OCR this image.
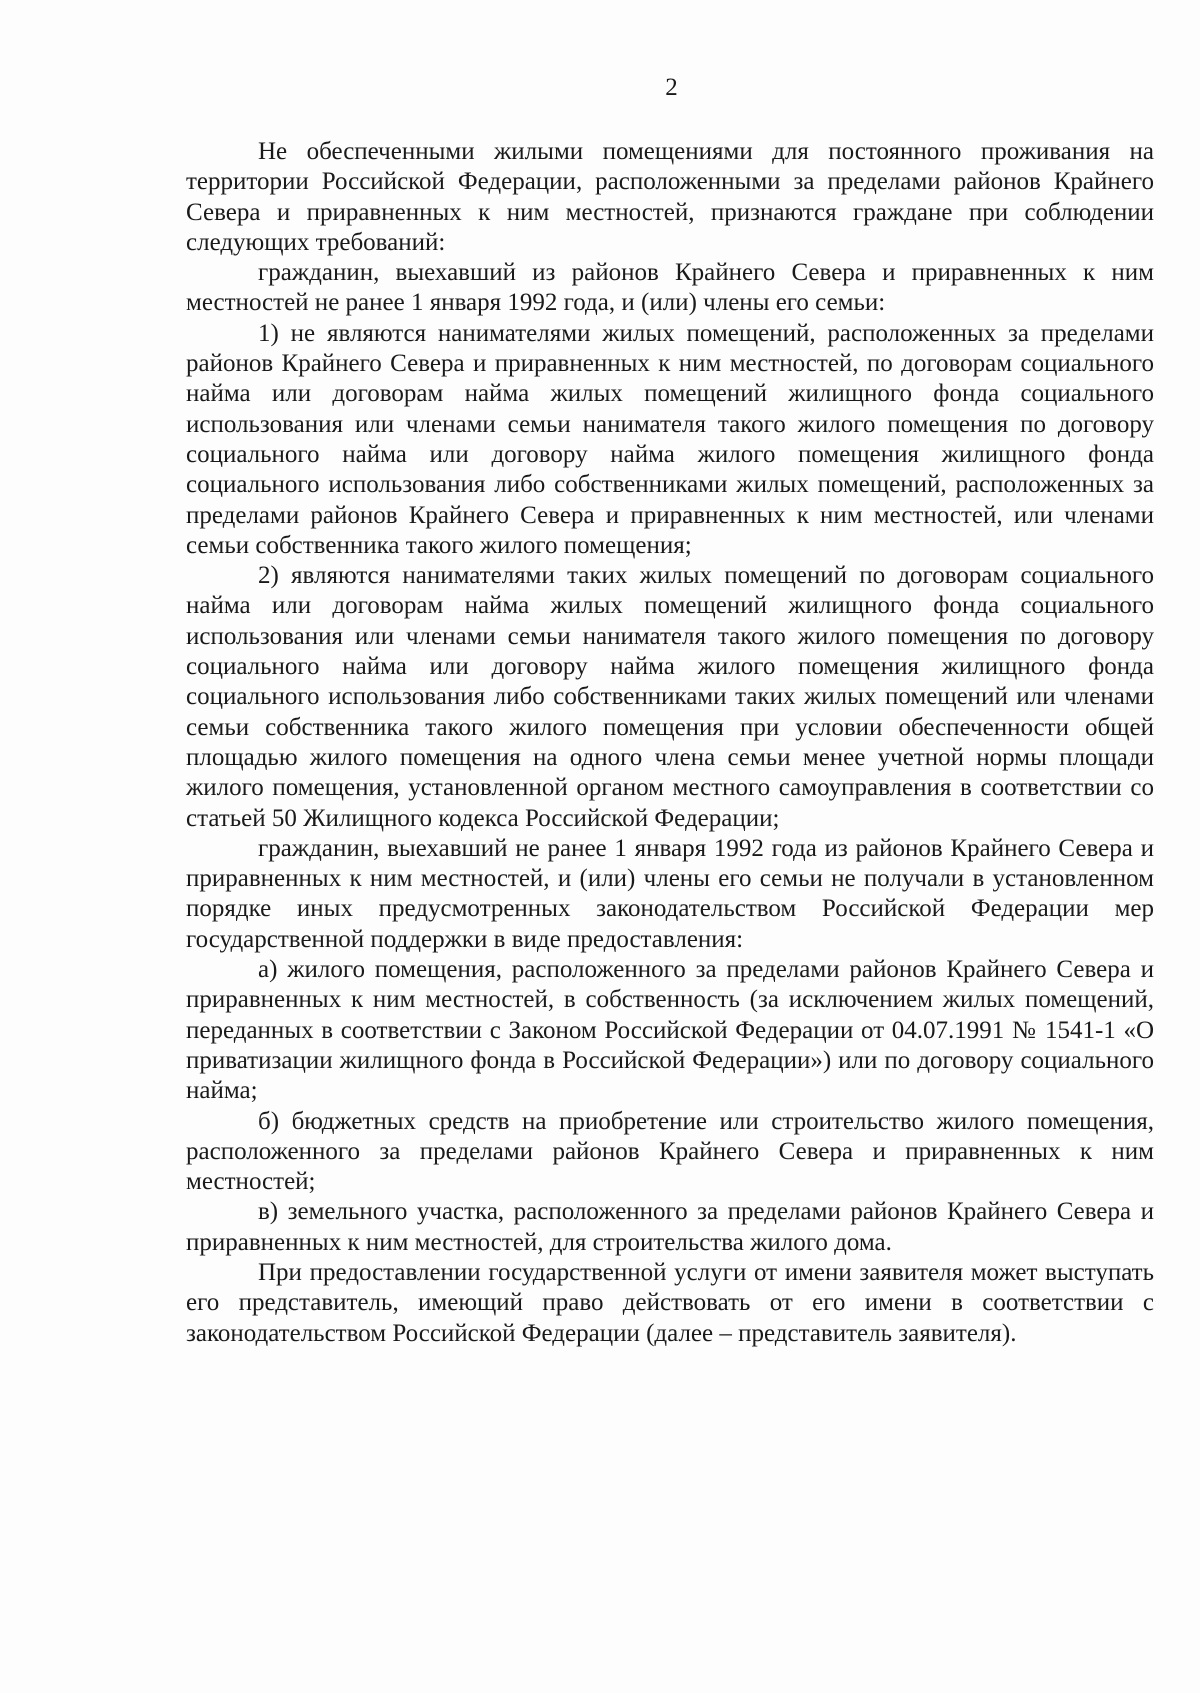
2

Не обеспеченными жилыми помещениями для постоянного проживания на территории Российской Федерации, расположенными за пределами районов Крайнего Севера и приравненных к ним местностей, признаются граждане при соблюдении следующих требований:

гражданин, выехавший из районов Крайнего Севера и приравненных к ним местностей не ранее 1 января 1992 года, и (или) члены его семьи:

1) не являются нанимателями жилых помещений, расположенных за пределами районов Крайнего Севера и приравненных к ним местностей, по договорам социального найма или договорам найма жилых помещений жилищного фонда социального использования или членами семьи нанимателя такого жилого помещения по договору социального найма или договору найма жилого помещения жилищного фонда социального использования либо собственниками жилых помещений, расположенных за пределами районов Крайнего Севера и приравненных к ним местностей, или членами семьи собственника такого жилого помещения;

2) являются нанимателями таких жилых помещений по договорам социального найма или договорам найма жилых помещений жилищного фонда социального использования или членами семьи нанимателя такого жилого помещения по договору социального найма или договору найма жилого помещения жилищного фонда социального использования либо собственниками таких жилых помещений или членами семьи собственника такого жилого помещения при условии обеспеченности общей площадью жилого помещения на одного члена семьи менее учетной нормы площади жилого помещения, установленной органом местного самоуправления в соответствии со статьей 50 Жилищного кодекса Российской Федерации;

гражданин, выехавший не ранее 1 января 1992 года из районов Крайнего Севера и приравненных к ним местностей, и (или) члены его семьи не получали в установленном порядке иных предусмотренных законодательством Российской Федерации мер государственной поддержки в виде предоставления:

а) жилого помещения, расположенного за пределами районов Крайнего Севера и приравненных к ним местностей, в собственность (за исключением жилых помещений, переданных в соответствии с Законом Российской Федерации от 04.07.1991 № 1541-1 «О приватизации жилищного фонда в Российской Федерации») или по договору социального найма;

б) бюджетных средств на приобретение или строительство жилого помещения, расположенного за пределами районов Крайнего Севера и приравненных к ним местностей;

в) земельного участка, расположенного за пределами районов Крайнего Севера и приравненных к ним местностей, для строительства жилого дома.

При предоставлении государственной услуги от имени заявителя может выступать его представитель, имеющий право действовать от его имени в соответствии с законодательством Российской Федерации (далее – представитель заявителя).
